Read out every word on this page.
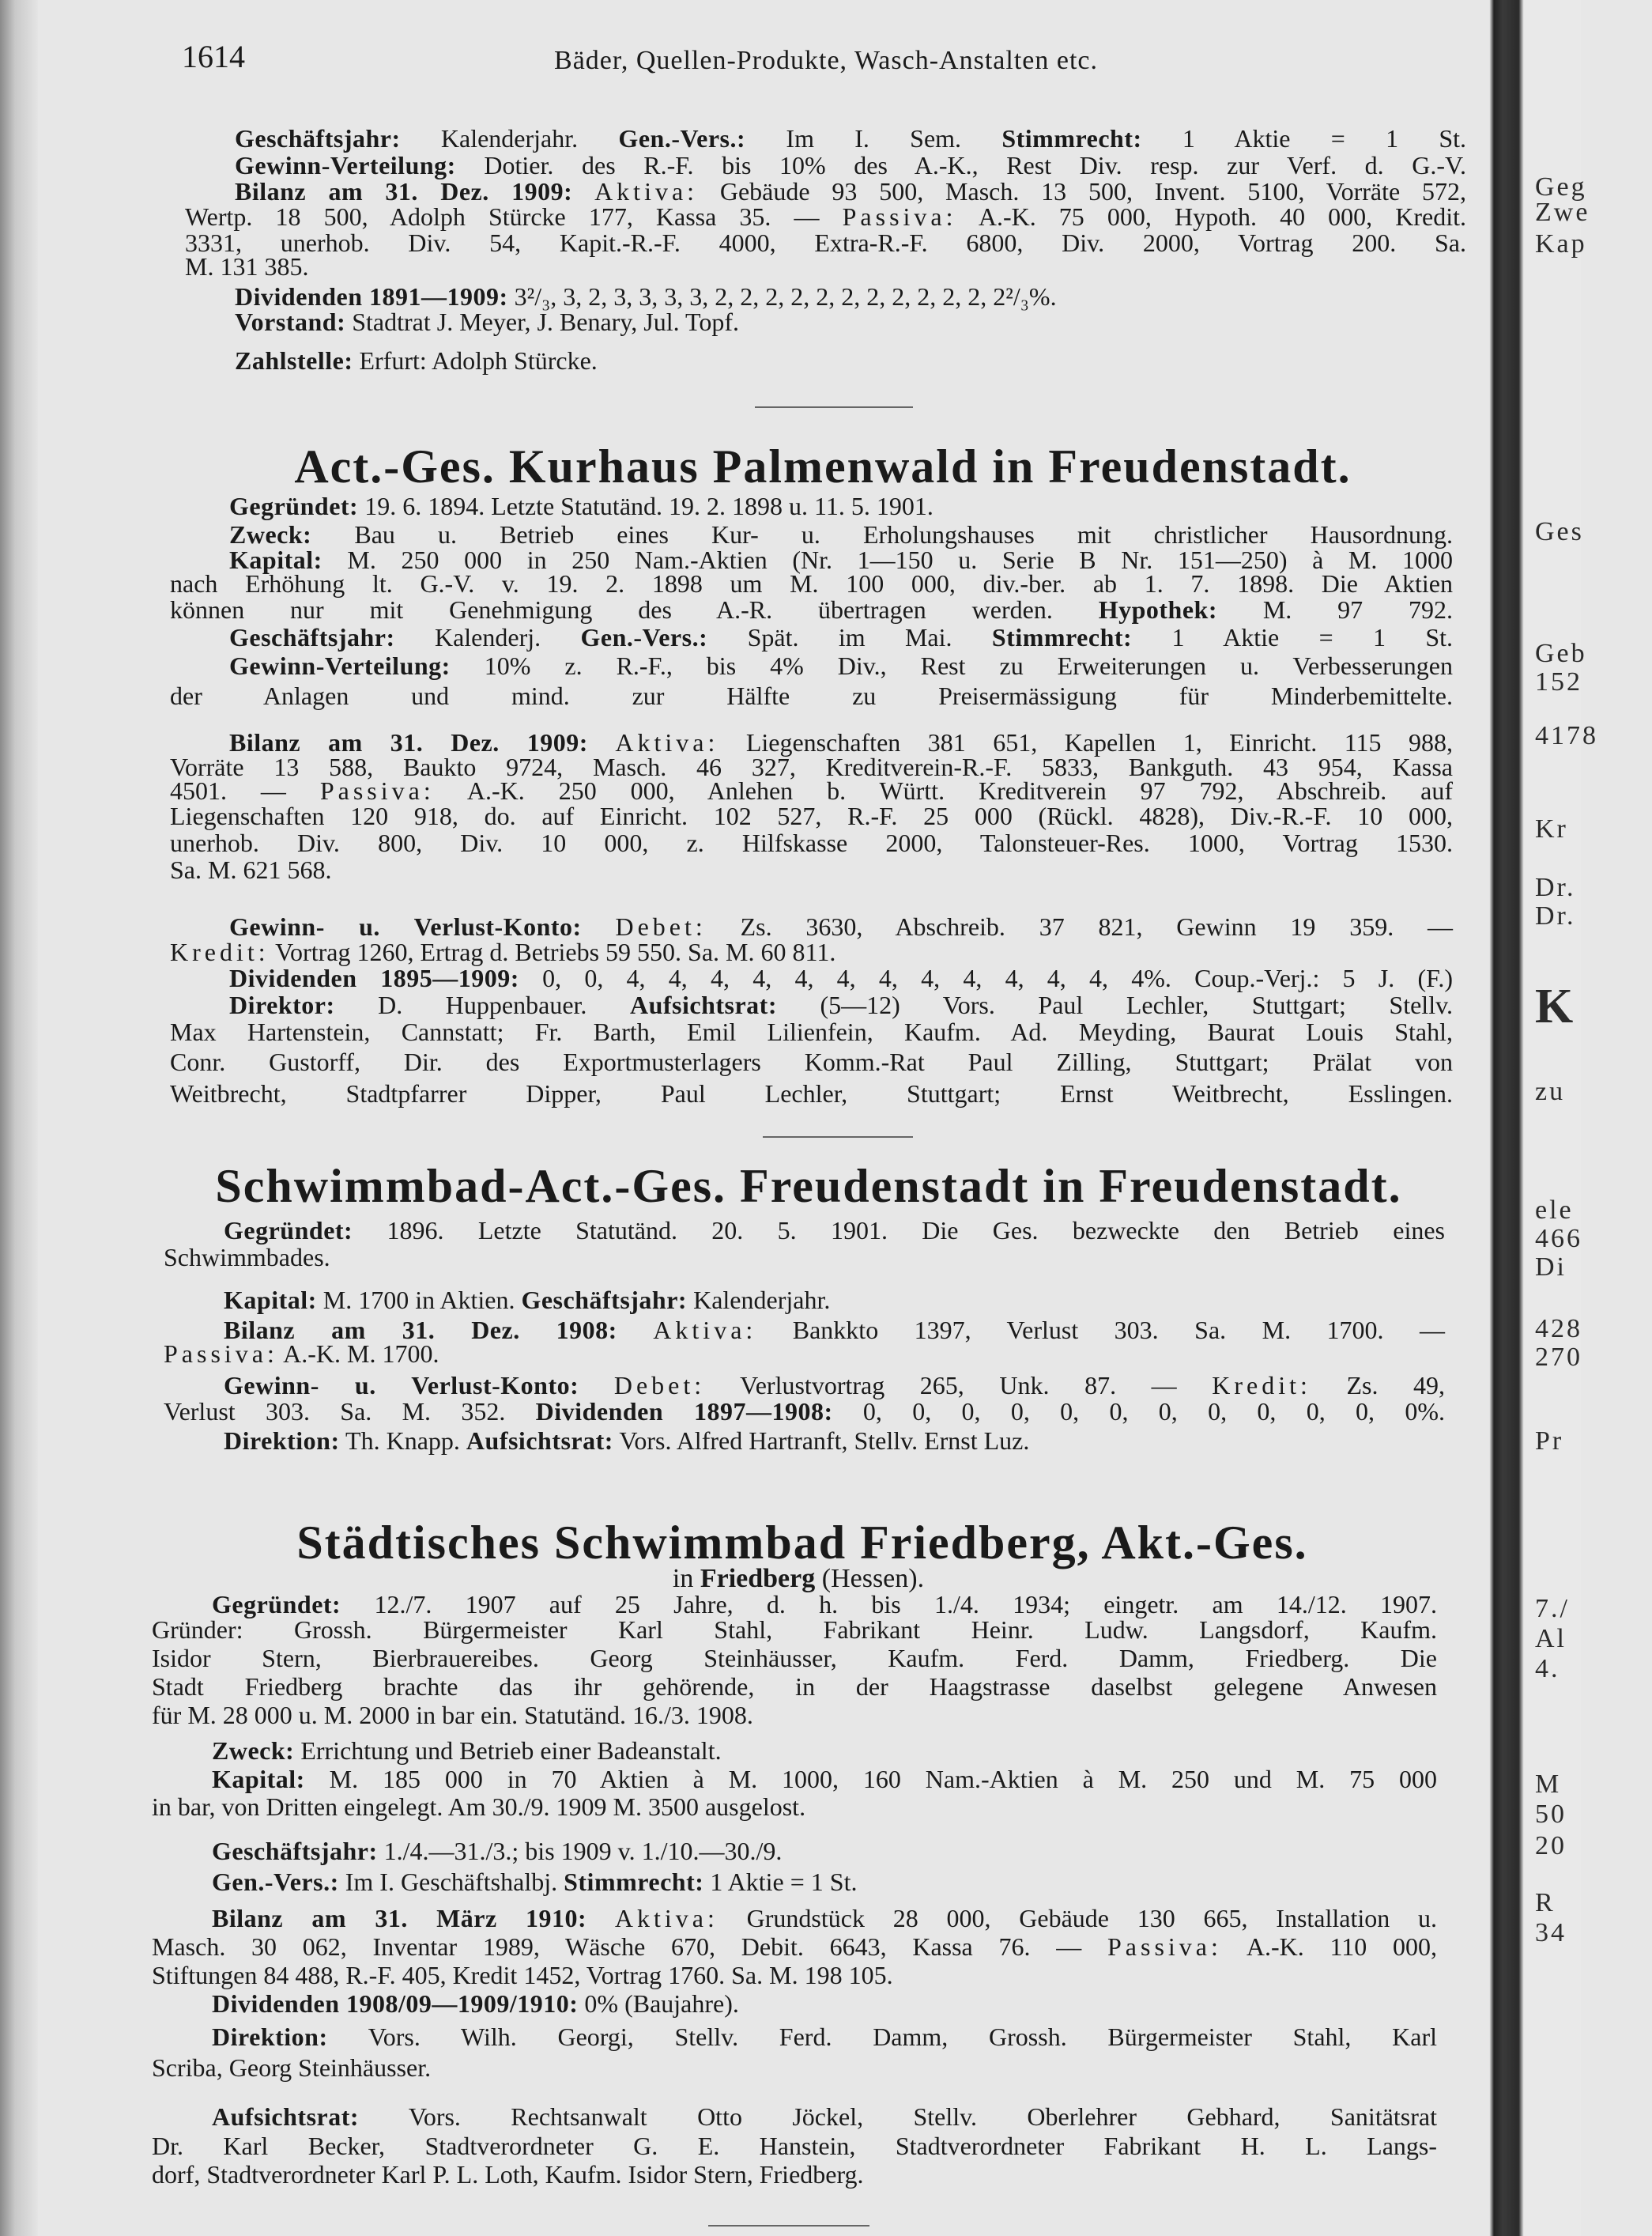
Geg
Zwe
Kap
Ges
Geb
152
4178
Kr
Dr.
Dr.
K
zu
ele
466
Di
428
270
Pr
7./
Al
4.
M
50
20
R
34
1614	Bäder, Quellen-Produkte, Wasch-Anstalten etc.
Geschäftsjahr: Kalenderjahr. Gen.-Vers.: Im I. Sem. Stimmrecht: 1 Aktie = 1 St.
Gewinn-Verteilung: Dotier. des R.-F. bis 10% des A.-K., Rest Div. resp. zur Verf. d. G.-V.
Bilanz am 31. Dez. 1909: Aktiva: Gebäude 93 500, Masch. 13 500, Invent. 5100, Vorräte 572,
Wertp. 18 500, Adolph Stürcke 177, Kassa 35. — Passiva: A.-K. 75 000, Hypoth. 40 000, Kredit.
3331, unerhob. Div. 54, Kapit.-R.-F. 4000, Extra-R.-F. 6800, Div. 2000, Vortrag 200. Sa.
M. 131 385.
Dividenden 1891—1909: 3²/₃, 3, 2, 3, 3, 3, 3, 2, 2, 2, 2, 2, 2, 2, 2, 2, 2, 2, 2²/₃%.
Vorstand: Stadtrat J. Meyer, J. Benary, Jul. Topf.
Zahlstelle: Erfurt: Adolph Stürcke.
Act.-Ges. Kurhaus Palmenwald in Freudenstadt.
Gegründet: 19. 6. 1894. Letzte Statutänd. 19. 2. 1898 u. 11. 5. 1901.
Zweck: Bau u. Betrieb eines Kur- u. Erholungshauses mit christlicher Hausordnung.
Kapital: M. 250 000 in 250 Nam.-Aktien (Nr. 1—150 u. Serie B Nr. 151—250) à M. 1000
nach Erhöhung lt. G.-V. v. 19. 2. 1898 um M. 100 000, div.-ber. ab 1. 7. 1898. Die Aktien
können nur mit Genehmigung des A.-R. übertragen werden. Hypothek: M. 97 792.
Geschäftsjahr: Kalenderj. Gen.-Vers.: Spät. im Mai. Stimmrecht: 1 Aktie = 1 St.
Gewinn-Verteilung: 10% z. R.-F., bis 4% Div., Rest zu Erweiterungen u. Verbesserungen
der Anlagen und mind. zur Hälfte zu Preisermässigung für Minderbemittelte.
Bilanz am 31. Dez. 1909: Aktiva: Liegenschaften 381 651, Kapellen 1, Einricht. 115 988,
Vorräte 13 588, Baukto 9724, Masch. 46 327, Kreditverein-R.-F. 5833, Bankguth. 43 954, Kassa
4501. — Passiva: A.-K. 250 000, Anlehen b. Württ. Kreditverein 97 792, Abschreib. auf
Liegenschaften 120 918, do. auf Einricht. 102 527, R.-F. 25 000 (Rückl. 4828), Div.-R.-F. 10 000,
unerhob. Div. 800, Div. 10 000, z. Hilfskasse 2000, Talonsteuer-Res. 1000, Vortrag 1530.
Sa. M. 621 568.
Gewinn- u. Verlust-Konto: Debet: Zs. 3630, Abschreib. 37 821, Gewinn 19 359. —
Kredit: Vortrag 1260, Ertrag d. Betriebs 59 550. Sa. M. 60 811.
Dividenden 1895—1909: 0, 0, 4, 4, 4, 4, 4, 4, 4, 4, 4, 4, 4, 4, 4%. Coup.-Verj.: 5 J. (F.)
Direktor: D. Huppenbauer. Aufsichtsrat: (5—12) Vors. Paul Lechler, Stuttgart; Stellv.
Max Hartenstein, Cannstatt; Fr. Barth, Emil Lilienfein, Kaufm. Ad. Meyding, Baurat Louis Stahl,
Conr. Gustorff, Dir. des Exportmusterlagers Komm.-Rat Paul Zilling, Stuttgart; Prälat von
Weitbrecht, Stadtpfarrer Dipper, Paul Lechler, Stuttgart; Ernst Weitbrecht, Esslingen.
Schwimmbad-Act.-Ges. Freudenstadt in Freudenstadt.
Gegründet: 1896. Letzte Statutänd. 20. 5. 1901. Die Ges. bezweckte den Betrieb eines
Schwimmbades.
Kapital: M. 1700 in Aktien. Geschäftsjahr: Kalenderjahr.
Bilanz am 31. Dez. 1908: Aktiva: Bankkto 1397, Verlust 303. Sa. M. 1700. —
Passiva: A.-K. M. 1700.
Gewinn- u. Verlust-Konto: Debet: Verlustvortrag 265, Unk. 87. — Kredit: Zs. 49,
Verlust 303. Sa. M. 352. Dividenden 1897—1908: 0, 0, 0, 0, 0, 0, 0, 0, 0, 0, 0, 0%.
Direktion: Th. Knapp. Aufsichtsrat: Vors. Alfred Hartranft, Stellv. Ernst Luz.
Städtisches Schwimmbad Friedberg, Akt.-Ges.
in Friedberg (Hessen).
Gegründet: 12./7. 1907 auf 25 Jahre, d. h. bis 1./4. 1934; eingetr. am 14./12. 1907.
Gründer: Grossh. Bürgermeister Karl Stahl, Fabrikant Heinr. Ludw. Langsdorf, Kaufm.
Isidor Stern, Bierbrauereibes. Georg Steinhäusser, Kaufm. Ferd. Damm, Friedberg. Die
Stadt Friedberg brachte das ihr gehörende, in der Haagstrasse daselbst gelegene Anwesen
für M. 28 000 u. M. 2000 in bar ein. Statutänd. 16./3. 1908.
Zweck: Errichtung und Betrieb einer Badeanstalt.
Kapital: M. 185 000 in 70 Aktien à M. 1000, 160 Nam.-Aktien à M. 250 und M. 75 000
in bar, von Dritten eingelegt. Am 30./9. 1909 M. 3500 ausgelost.
Geschäftsjahr: 1./4.—31./3.; bis 1909 v. 1./10.—30./9.
Gen.-Vers.: Im I. Geschäftshalbj. Stimmrecht: 1 Aktie = 1 St.
Bilanz am 31. März 1910: Aktiva: Grundstück 28 000, Gebäude 130 665, Installation u.
Masch. 30 062, Inventar 1989, Wäsche 670, Debit. 6643, Kassa 76. — Passiva: A.-K. 110 000,
Stiftungen 84 488, R.-F. 405, Kredit 1452, Vortrag 1760. Sa. M. 198 105.
Dividenden 1908/09—1909/1910: 0% (Baujahre).
Direktion: Vors. Wilh. Georgi, Stellv. Ferd. Damm, Grossh. Bürgermeister Stahl, Karl
Scriba, Georg Steinhäusser.
Aufsichtsrat: Vors. Rechtsanwalt Otto Jöckel, Stellv. Oberlehrer Gebhard, Sanitätsrat
Dr. Karl Becker, Stadtverordneter G. E. Hanstein, Stadtverordneter Fabrikant H. L. Langs-
dorf, Stadtverordneter Karl P. L. Loth, Kaufm. Isidor Stern, Friedberg.
